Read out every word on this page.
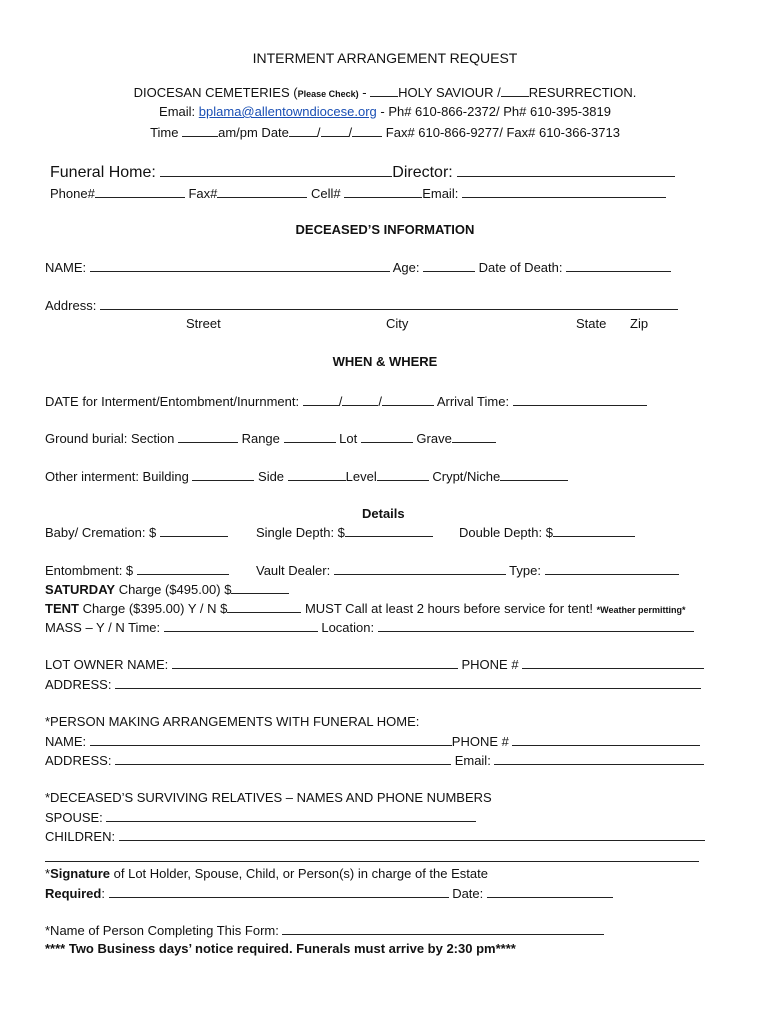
INTERMENT ARRANGEMENT REQUEST
DIOCESAN CEMETERIES (Please Check) - HOLY SAVIOUR / RESURRECTION.
Email: bplama@allentowndiocese.org - Ph# 610-866-2372/ Ph# 610-395-3819
Time	am/pm Date / / Fax# 610-866-9277/ Fax# 610-366-3713
Funeral Home:	Director:
Phone#	Fax#	Cell#	Email:
DECEASED’S INFORMATION
NAME:	Age:	Date of Death:
Address:
Street	City	State Zip
WHEN & WHERE
DATE for Interment/Entombment/Inurnment:	/	/	Arrival Time:
Ground burial: Section	Range	Lot	Grave
Other interment: Building	Side	Level	Crypt/Niche
Details
Baby/ Cremation: $	Single Depth: $	Double Depth: $
Entombment: $	Vault Dealer:	Type:
SATURDAY Charge ($495.00) $
TENT Charge ($395.00) Y / N $	MUST Call at least 2 hours before service for tent! *Weather permitting*
MASS – Y / N Time:	Location:
LOT OWNER NAME:	PHONE #
ADDRESS:
*PERSON MAKING ARRANGEMENTS WITH FUNERAL HOME:
NAME:	PHONE #
ADDRESS:	Email:
*DECEASED’S SURVIVING RELATIVES – NAMES AND PHONE NUMBERS
SPOUSE:
CHILDREN:
*Signature of Lot Holder, Spouse, Child, or Person(s) in charge of the Estate
Required:	Date:
*Name of Person Completing This Form:
**** Two Business days’ notice required. Funerals must arrive by 2:30 pm****
